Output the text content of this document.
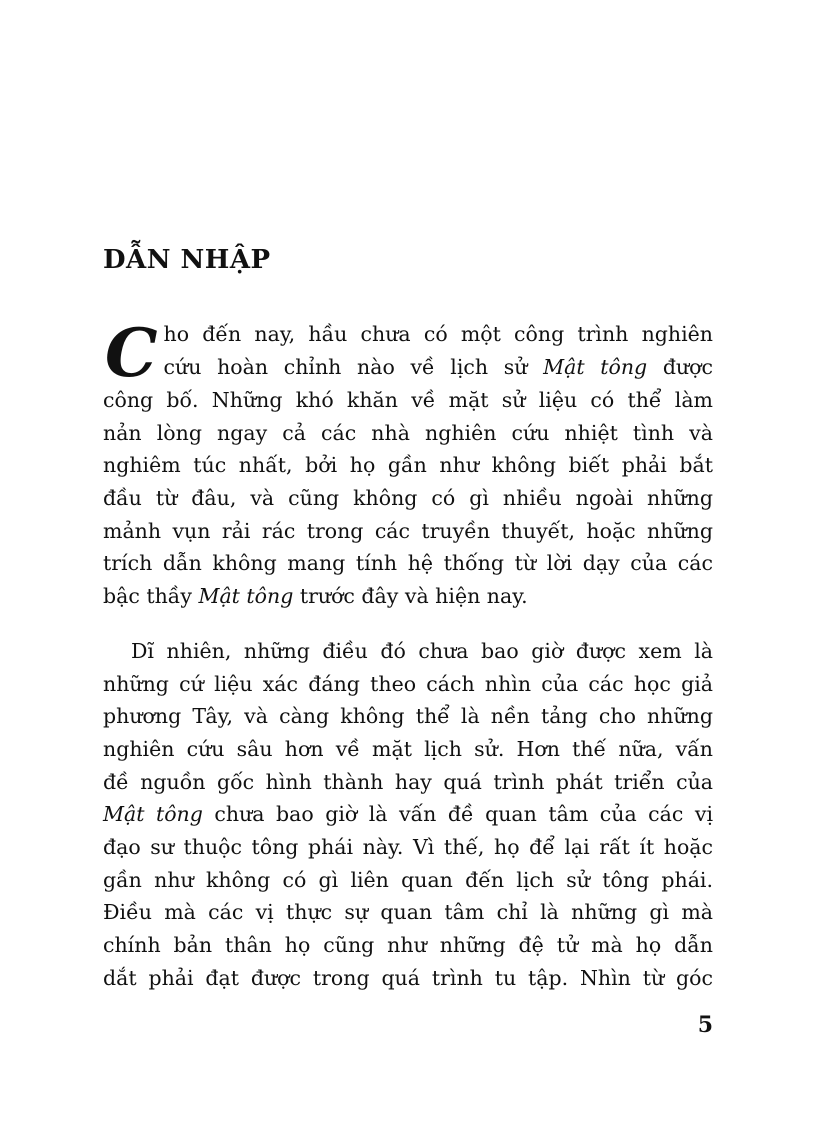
DẪN NHẬP
C ho đến nay, hầu chưa có một công trình nghiên
cứu hoàn chỉnh nào về lịch sử Mật tông được
công bố. Những khó khăn về mặt sử liệu có thể làm
nản lòng ngay cả các nhà nghiên cứu nhiệt tình và
nghiêm túc nhất, bởi họ gần như không biết phải bắt
đầu từ đâu, và cũng không có gì nhiều ngoài những
mảnh vụn rải rác trong các truyền thuyết, hoặc những
trích dẫn không mang tính hệ thống từ lời dạy của các
bậc thầy Mật tông trước đây và hiện nay.
Dĩ nhiên, những điều đó chưa bao giờ được xem là
những cứ liệu xác đáng theo cách nhìn của các học giả
phương Tây, và càng không thể là nền tảng cho những
nghiên cứu sâu hơn về mặt lịch sử. Hơn thế nữa, vấn
đề nguồn gốc hình thành hay quá trình phát triển của
Mật tông chưa bao giờ là vấn đề quan tâm của các vị
đạo sư thuộc tông phái này. Vì thế, họ để lại rất ít hoặc
gần như không có gì liên quan đến lịch sử tông phái.
Điều mà các vị thực sự quan tâm chỉ là những gì mà
chính bản thân họ cũng như những đệ tử mà họ dẫn
dắt phải đạt được trong quá trình tu tập. Nhìn từ góc
5
